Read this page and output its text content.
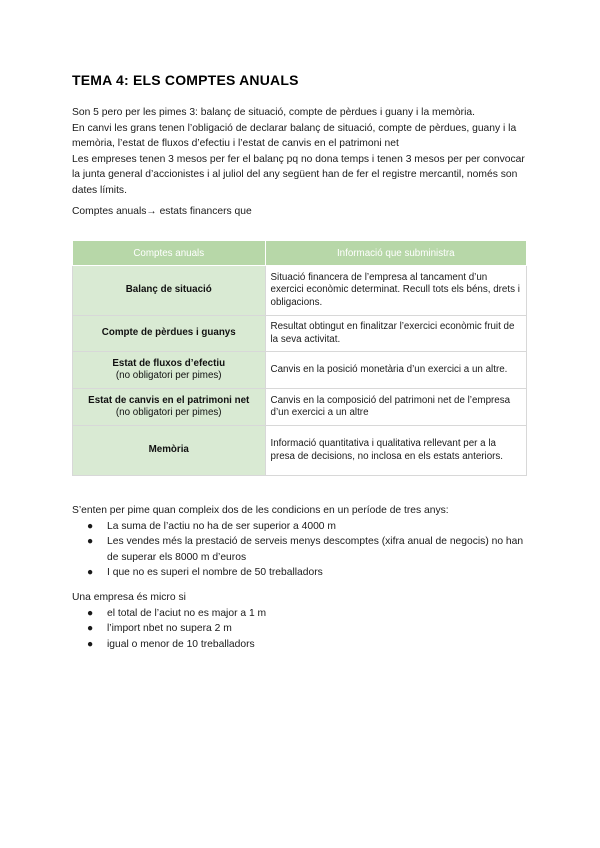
TEMA 4: ELS COMPTES ANUALS

Son 5 pero per les pimes 3: balanç de situació, compte de pèrdues i guany i la memòria.

En canvi les grans tenen l’obligació de declarar balanç de situació, compte de pèrdues, guany i la memòria, l’estat de fluxos d’efectiu i l’estat de canvis en el patrimoni net

Les empreses tenen 3 mesos per fer el balanç pq no dona temps i tenen 3 mesos per per convocar la junta general d’accionistes i al juliol del any següent han de fer el registre mercantil, només son dates límits.

Comptes anuals→ estats financers que

Comptes anuals	Informació que subministra
Balanç de situació	Situació financera de l’empresa al tancament d’un exercici econòmic determinat. Recull tots els béns, drets i obligacions.
Compte de pèrdues i guanys	Resultat obtingut en finalitzar l’exercici econòmic fruit de la seva activitat.
Estat de fluxos d’efectiu
(no obligatori per pimes)	Canvis en la posició monetària d’un exercici a un altre.
Estat de canvis en el patrimoni net
(no obligatori per pimes)	Canvis en la composició del patrimoni net de l’empresa d’un exercici a un altre
Memòria	Informació quantitativa i qualitativa rellevant per a la presa de decisions, no inclosa en els estats anteriors.

S’enten per pime quan compleix dos de les condicions en un període de tres anys:

● La suma de l’actiu no ha de ser superior a 4000 m
● Les vendes més la prestació de serveis menys descomptes (xifra anual de negocis) no han de superar els 8000 m d’euros
● I que no es superi el nombre de 50 treballadors

Una empresa és micro si

● el total de l’aciut no es major a 1 m
● l’import nbet no supera 2 m
● igual o menor de 10 treballadors
